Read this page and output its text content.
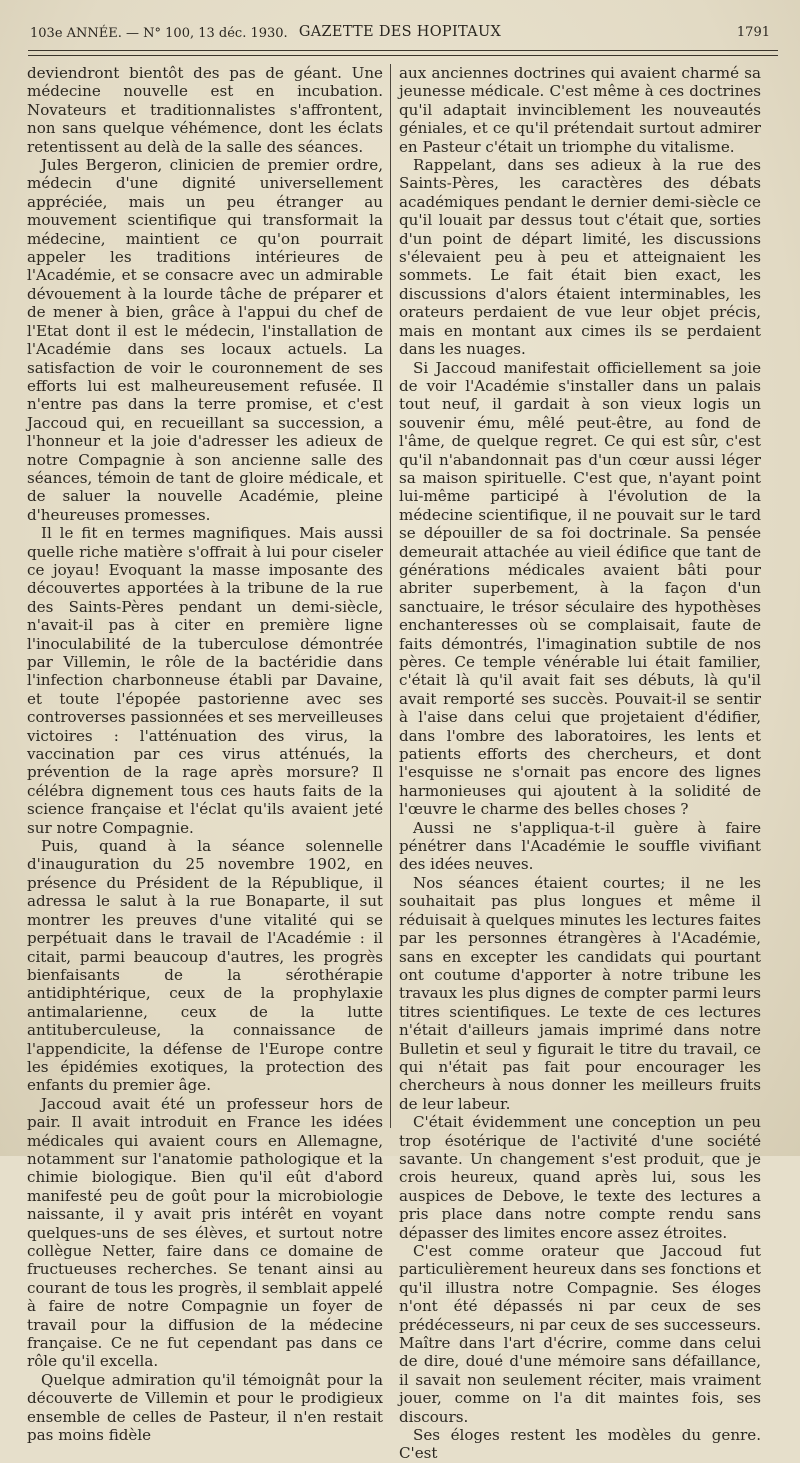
103e ANNÉE. — N° 100, 13 déc. 1930. GAZETTE DES HOPITAUX	1791

deviendront bientôt des pas de géant. Une médecine nouvelle est en incubation. Novateurs et traditionnalistes s'affrontent, non sans quelque véhémence, dont les éclats retentissent au delà de la salle des séances.

Jules Bergeron, clinicien de premier ordre, médecin d'une dignité universellement appréciée, mais un peu étranger au mouvement scientifique qui transformait la médecine, maintient ce qu'on pourrait appeler les traditions intérieures de l'Académie, et se consacre avec un admirable dévouement à la lourde tâche de préparer et de mener à bien, grâce à l'appui du chef de l'Etat dont il est le médecin, l'installation de l'Académie dans ses locaux actuels. La satisfaction de voir le couronnement de ses efforts lui est malheureusement refusée. Il n'entre pas dans la terre promise, et c'est Jaccoud qui, en recueillant sa succession, a l'honneur et la joie d'adresser les adieux de notre Compagnie à son ancienne salle des séances, témoin de tant de gloire médicale, et de saluer la nouvelle Académie, pleine d'heureuses promesses.

Il le fit en termes magnifiques. Mais aussi quelle riche matière s'offrait à lui pour ciseler ce joyau! Evoquant la masse imposante des découvertes apportées à la tribune de la rue des Saints-Pères pendant un demi-siècle, n'avait-il pas à citer en première ligne l'inoculabilité de la tuberculose démontrée par Villemin, le rôle de la bactéridie dans l'infection charbonneuse établi par Davaine, et toute l'épopée pastorienne avec ses controverses passionnées et ses merveilleuses victoires : l'atténuation des virus, la vaccination par ces virus atténués, la prévention de la rage après morsure? Il célébra dignement tous ces hauts faits de la science française et l'éclat qu'ils avaient jeté sur notre Compagnie.

Puis, quand à la séance solennelle d'inauguration du 25 novembre 1902, en présence du Président de la République, il adressa le salut à la rue Bonaparte, il sut montrer les preuves d'une vitalité qui se perpétuait dans le travail de l'Académie : il citait, parmi beaucoup d'autres, les progrès bienfaisants de la sérothérapie antidiphtérique, ceux de la prophylaxie antimalarienne, ceux de la lutte antituberculeuse, la connaissance de l'appendicite, la défense de l'Europe contre les épidémies exotiques, la protection des enfants du premier âge.

Jaccoud avait été un professeur hors de pair. Il avait introduit en France les idées médicales qui avaient cours en Allemagne, notamment sur l'anatomie pathologique et la chimie biologique. Bien qu'il eût d'abord manifesté peu de goût pour la microbiologie naissante, il y avait pris intérêt en voyant quelques-uns de ses élèves, et surtout notre collègue Netter, faire dans ce domaine de fructueuses recherches. Se tenant ainsi au courant de tous les progrès, il semblait appelé à faire de notre Compagnie un foyer de travail pour la diffusion de la médecine française. Ce ne fut cependant pas dans ce rôle qu'il excella.

Quelque admiration qu'il témoignât pour la découverte de Villemin et pour le prodigieux ensemble de celles de Pasteur, il n'en restait pas moins fidèle

aux anciennes doctrines qui avaient charmé sa jeunesse médicale. C'est même à ces doctrines qu'il adaptait invinciblement les nouveautés géniales, et ce qu'il prétendait surtout admirer en Pasteur c'était un triomphe du vitalisme.

Rappelant, dans ses adieux à la rue des Saints-Pères, les caractères des débats académiques pendant le dernier demi-siècle ce qu'il louait par dessus tout c'était que, sorties d'un point de départ limité, les discussions s'élevaient peu à peu et atteignaient les sommets. Le fait était bien exact, les discussions d'alors étaient interminables, les orateurs perdaient de vue leur objet précis, mais en montant aux cimes ils se perdaient dans les nuages.

Si Jaccoud manifestait officiellement sa joie de voir l'Académie s'installer dans un palais tout neuf, il gardait à son vieux logis un souvenir ému, mêlé peut-être, au fond de l'âme, de quelque regret. Ce qui est sûr, c'est qu'il n'abandonnait pas d'un cœur aussi léger sa maison spirituelle. C'est que, n'ayant point lui-même participé à l'évolution de la médecine scientifique, il ne pouvait sur le tard se dépouiller de sa foi doctrinale. Sa pensée demeurait attachée au vieil édifice que tant de générations médicales avaient bâti pour abriter superbement, à la façon d'un sanctuaire, le trésor séculaire des hypothèses enchanteresses où se complaisait, faute de faits démontrés, l'imagination subtile de nos pères. Ce temple vénérable lui était familier, c'était là qu'il avait fait ses débuts, là qu'il avait remporté ses succès. Pouvait-il se sentir à l'aise dans celui que projetaient d'édifier, dans l'ombre des laboratoires, les lents et patients efforts des chercheurs, et dont l'esquisse ne s'ornait pas encore des lignes harmonieuses qui ajoutent à la solidité de l'œuvre le charme des belles choses ?

Aussi ne s'appliqua-t-il guère à faire pénétrer dans l'Académie le souffle vivifiant des idées neuves.

Nos séances étaient courtes; il ne les souhaitait pas plus longues et même il réduisait à quelques minutes les lectures faites par les personnes étrangères à l'Académie, sans en excepter les candidats qui pourtant ont coutume d'apporter à notre tribune les travaux les plus dignes de compter parmi leurs titres scientifiques. Le texte de ces lectures n'était d'ailleurs jamais imprimé dans notre Bulletin et seul y figurait le titre du travail, ce qui n'était pas fait pour encourager les chercheurs à nous donner les meilleurs fruits de leur labeur.

C'était évidemment une conception un peu trop ésotérique de l'activité d'une société savante. Un changement s'est produit, que je crois heureux, quand après lui, sous les auspices de Debove, le texte des lectures a pris place dans notre compte rendu sans dépasser des limites encore assez étroites.

C'est comme orateur que Jaccoud fut particulièrement heureux dans ses fonctions et qu'il illustra notre Compagnie. Ses éloges n'ont été dépassés ni par ceux de ses prédécesseurs, ni par ceux de ses successeurs. Maître dans l'art d'écrire, comme dans celui de dire, doué d'une mémoire sans défaillance, il savait non seulement réciter, mais vraiment jouer, comme on l'a dit maintes fois, ses discours.

Ses éloges restent les modèles du genre. C'est
